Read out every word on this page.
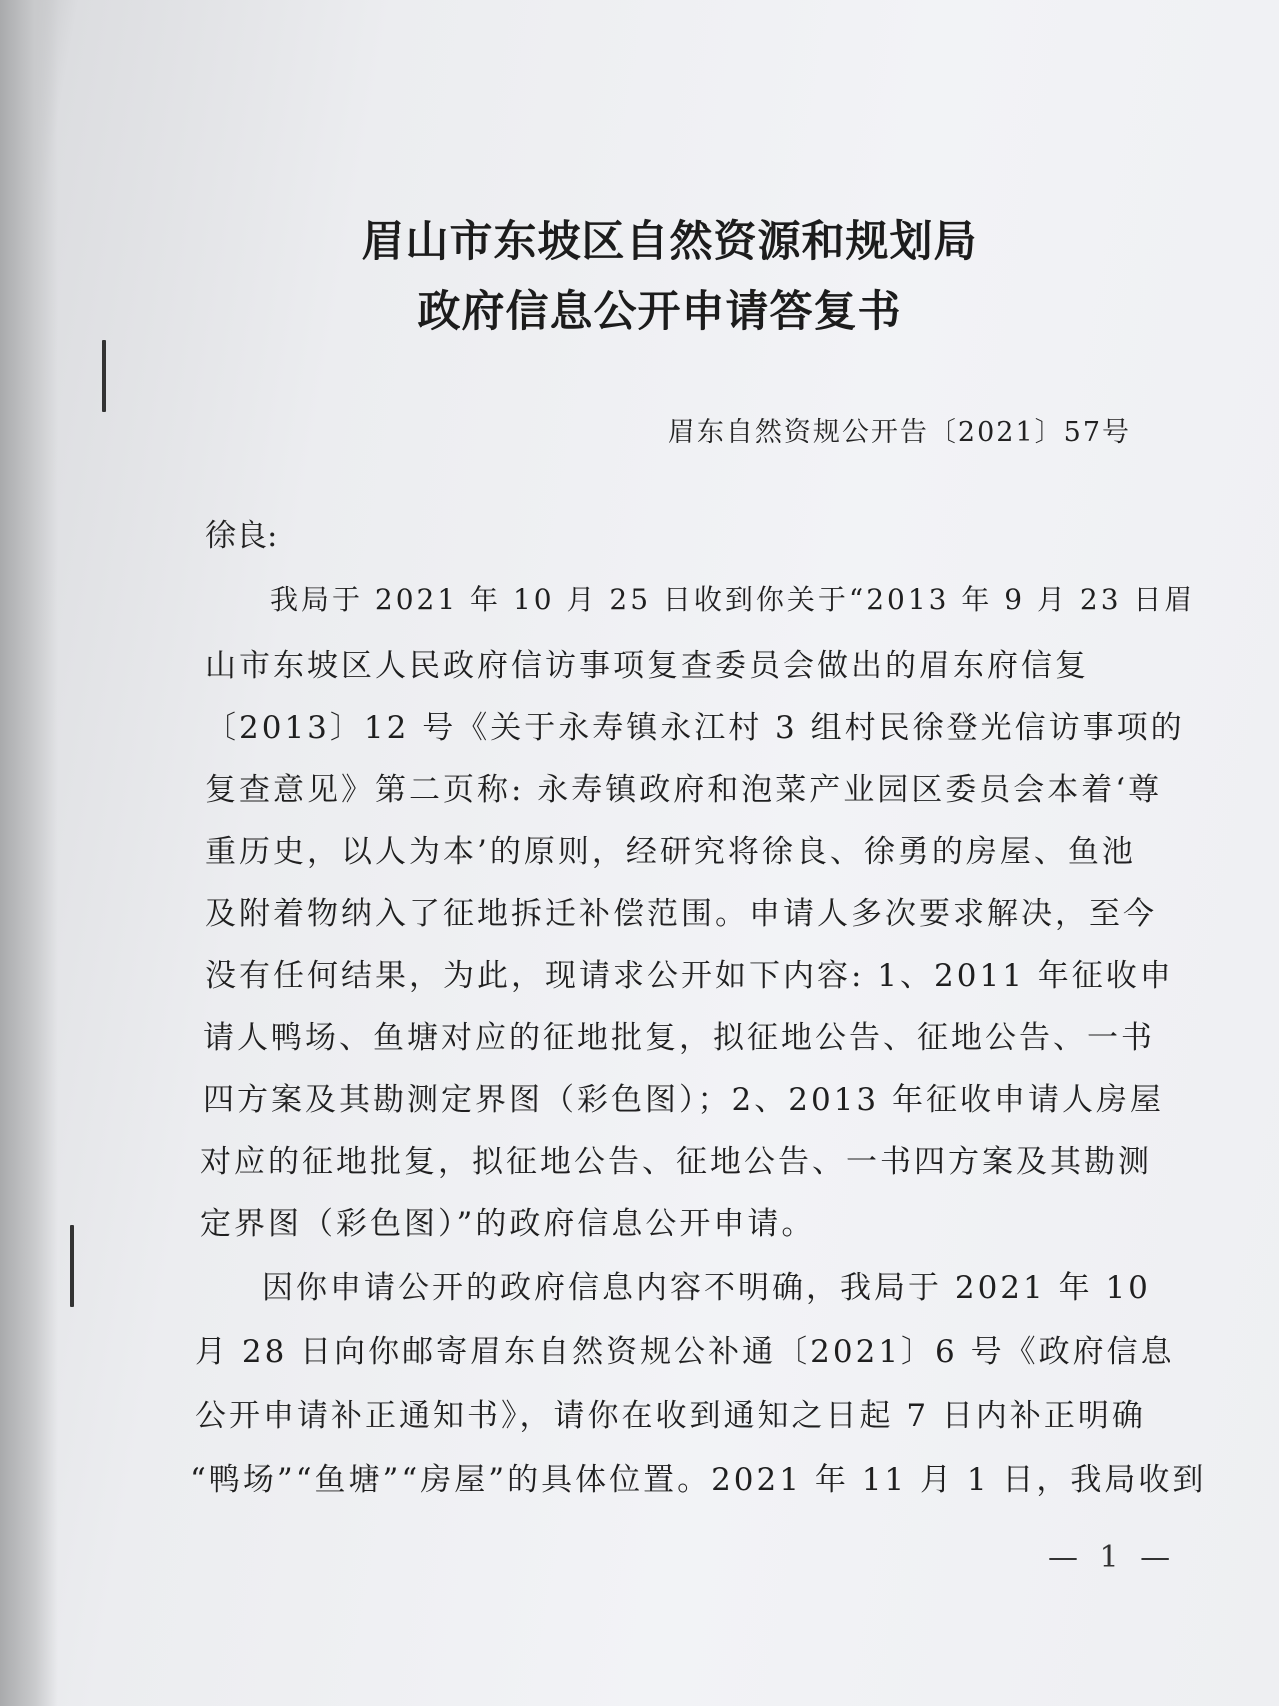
眉山市东坡区自然资源和规划局
政府信息公开申请答复书
眉东自然资规公开告〔2021〕57号
徐良:
我局于 2021 年 10 月 25 日收到你关于“2013 年 9 月 23 日眉
山市东坡区人民政府信访事项复查委员会做出的眉东府信复
〔2013〕12 号《关于永寿镇永江村 3 组村民徐登光信访事项的
复查意见》第二页称: 永寿镇政府和泡菜产业园区委员会本着‘尊
重历史，以人为本’的原则，经研究将徐良、徐勇的房屋、鱼池
及附着物纳入了征地拆迁补偿范围。申请人多次要求解决，至今
没有任何结果，为此，现请求公开如下内容: 1、2011 年征收申
请人鸭场、鱼塘对应的征地批复，拟征地公告、征地公告、一书
四方案及其勘测定界图（彩色图）；2、2013 年征收申请人房屋
对应的征地批复，拟征地公告、征地公告、一书四方案及其勘测
定界图（彩色图）”的政府信息公开申请。
因你申请公开的政府信息内容不明确，我局于 2021 年 10
月 28 日向你邮寄眉东自然资规公补通〔2021〕6 号《政府信息
公开申请补正通知书》，请你在收到通知之日起 7 日内补正明确
“鸭场”“鱼塘”“房屋”的具体位置。2021 年 11 月 1 日，我局收到
— 1 —
